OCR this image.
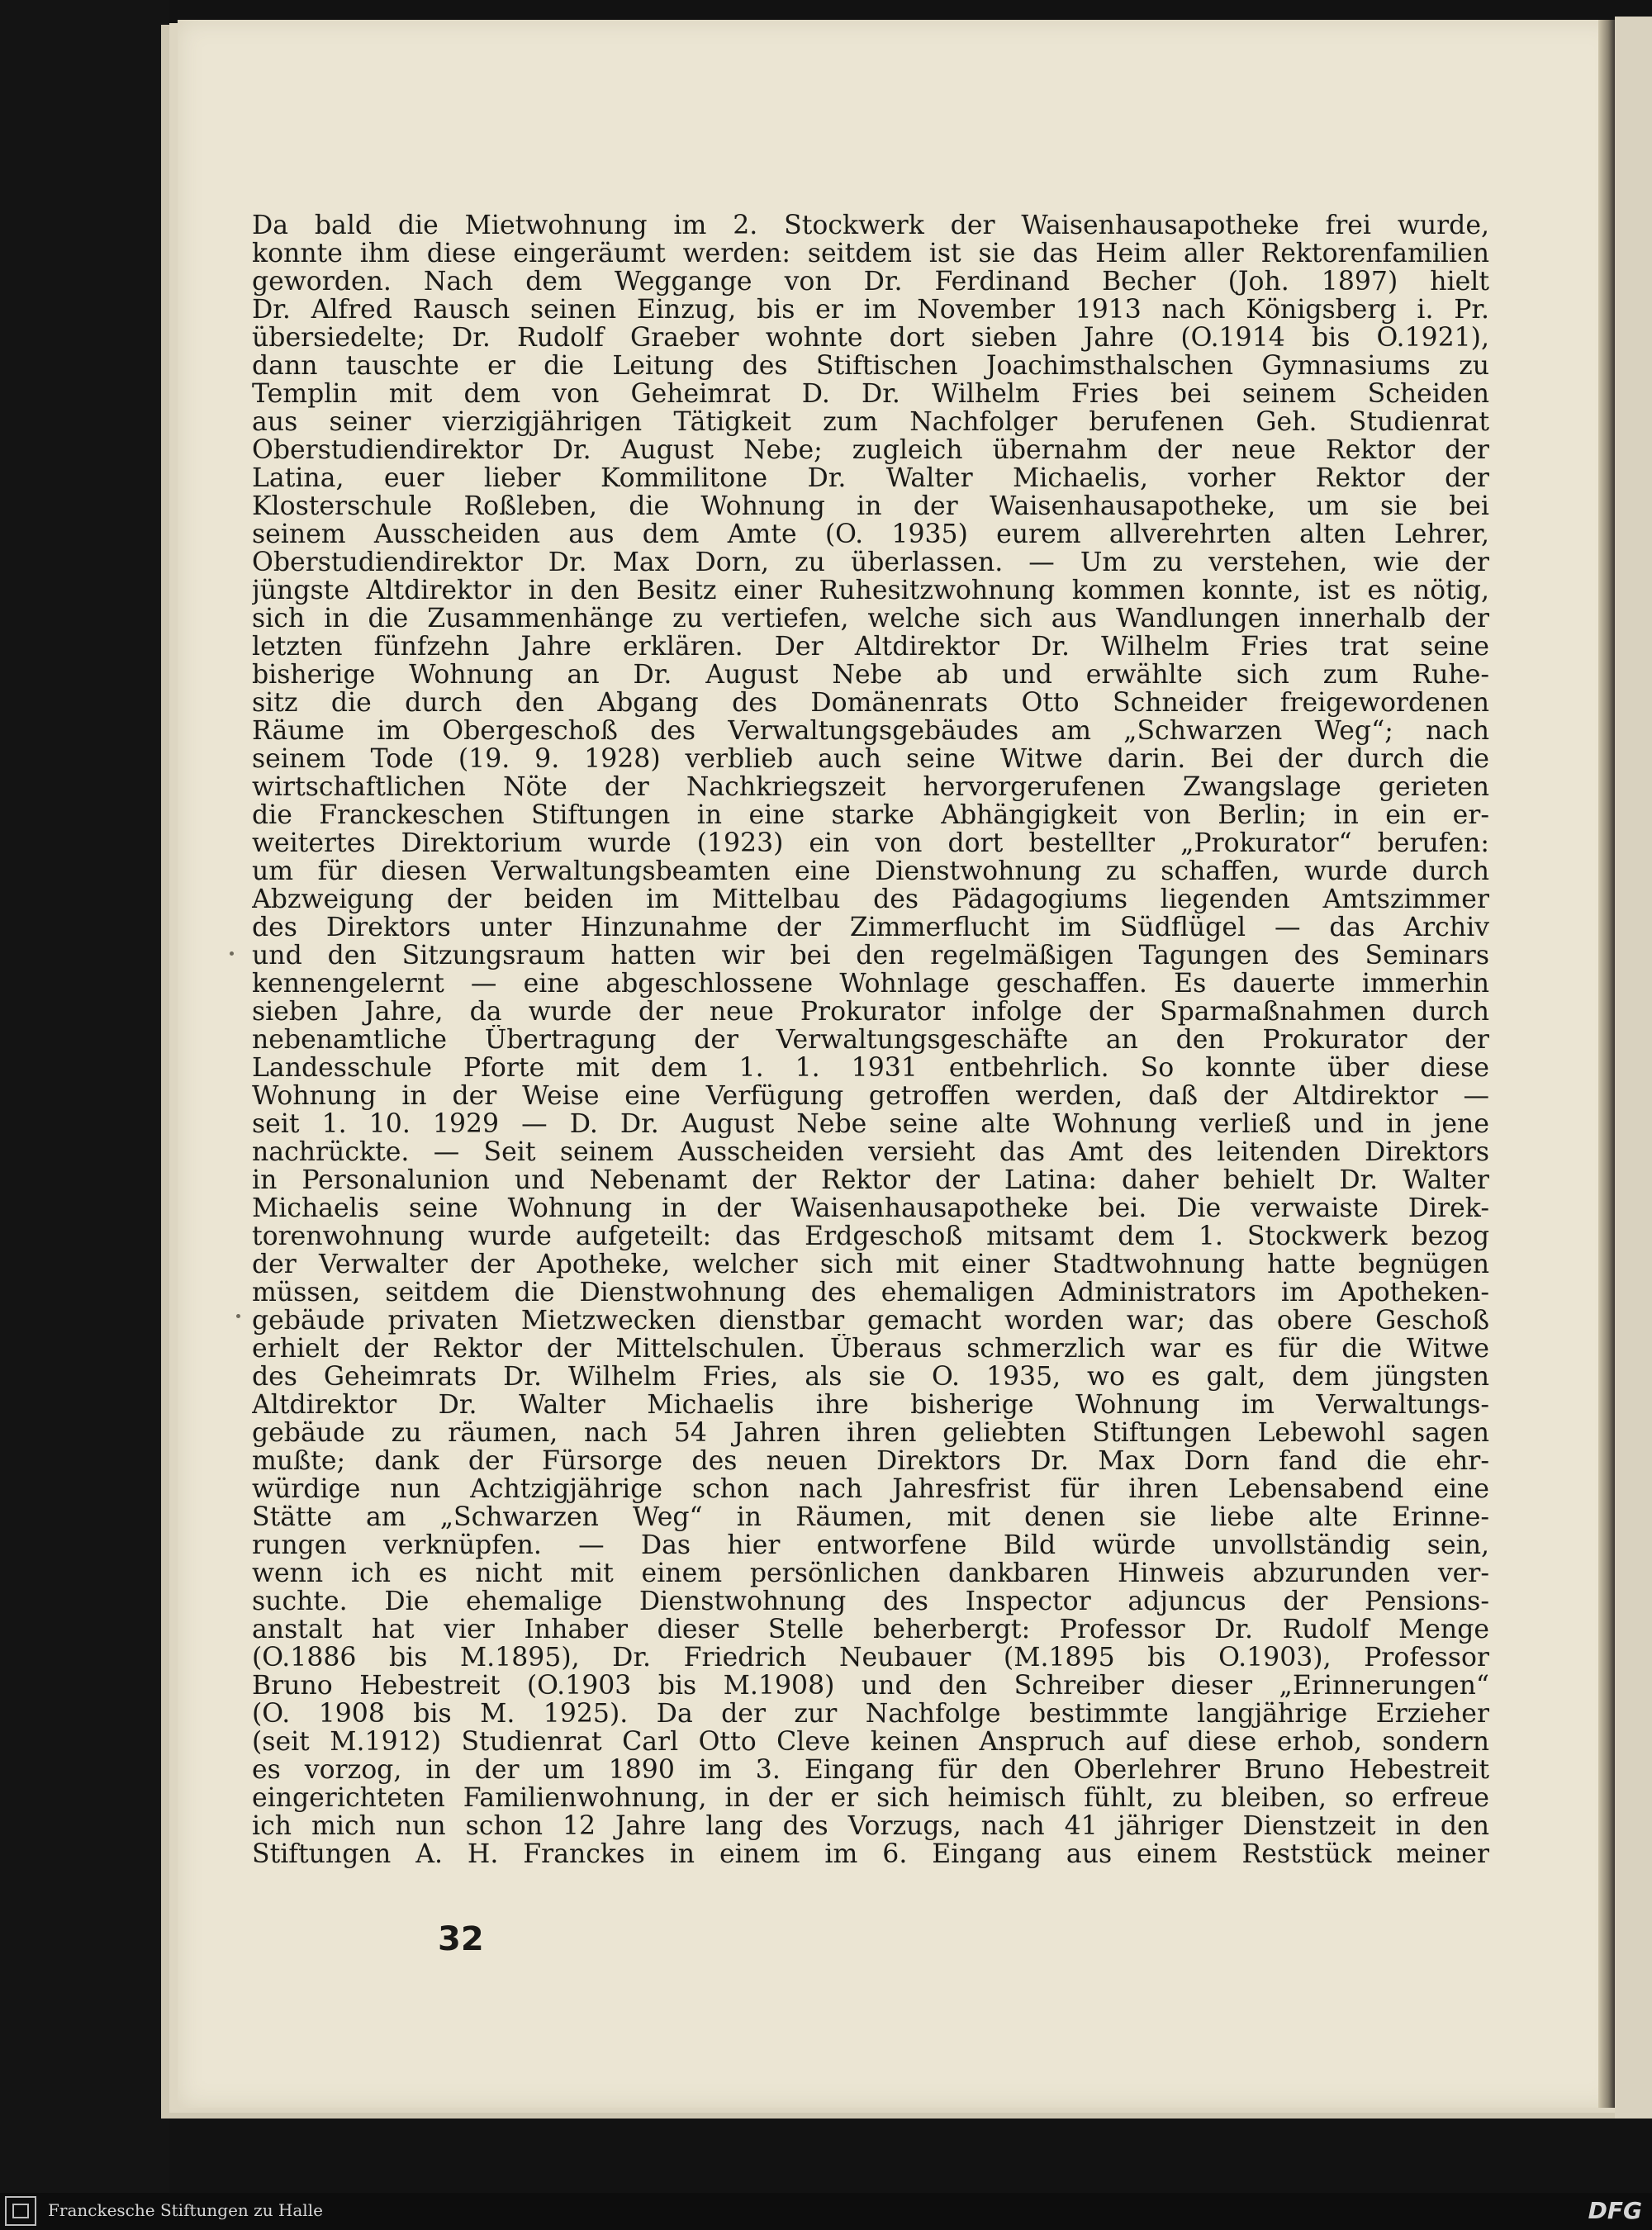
Da bald die Mietwohnung im 2. Stockwerk der Waisenhausapotheke frei wurde,
konnte ihm diese eingeräumt werden: seitdem ist sie das Heim aller Rektorenfamilien
geworden. Nach dem Weggange von Dr. Ferdinand Becher (Joh. 1897) hielt
Dr. Alfred Rausch seinen Einzug, bis er im November 1913 nach Königsberg i. Pr.
übersiedelte; Dr. Rudolf Graeber wohnte dort sieben Jahre (O.1914 bis O.1921),
dann tauschte er die Leitung des Stiftischen Joachimsthalschen Gymnasiums zu
Templin mit dem von Geheimrat D. Dr. Wilhelm Fries bei seinem Scheiden
aus seiner vierzigjährigen Tätigkeit zum Nachfolger berufenen Geh. Studienrat
Oberstudiendirektor Dr. August Nebe; zugleich übernahm der neue Rektor der
Latina, euer lieber Kommilitone Dr. Walter Michaelis, vorher Rektor der
Klosterschule Roßleben, die Wohnung in der Waisenhausapotheke, um sie bei
seinem Ausscheiden aus dem Amte (O. 1935) eurem allverehrten alten Lehrer,
Oberstudiendirektor Dr. Max Dorn, zu überlassen. — Um zu verstehen, wie der
jüngste Altdirektor in den Besitz einer Ruhesitzwohnung kommen konnte, ist es nötig,
sich in die Zusammenhänge zu vertiefen, welche sich aus Wandlungen innerhalb der
letzten fünfzehn Jahre erklären. Der Altdirektor Dr. Wilhelm Fries trat seine
bisherige Wohnung an Dr. August Nebe ab und erwählte sich zum Ruhe-
sitz die durch den Abgang des Domänenrats Otto Schneider freigewordenen
Räume im Obergeschoß des Verwaltungsgebäudes am „Schwarzen Weg“; nach
seinem Tode (19. 9. 1928) verblieb auch seine Witwe darin. Bei der durch die
wirtschaftlichen Nöte der Nachkriegszeit hervorgerufenen Zwangslage gerieten
die Franckeschen Stiftungen in eine starke Abhängigkeit von Berlin; in ein er-
weitertes Direktorium wurde (1923) ein von dort bestellter „Prokurator“ berufen:
um für diesen Verwaltungsbeamten eine Dienstwohnung zu schaffen, wurde durch
Abzweigung der beiden im Mittelbau des Pädagogiums liegenden Amtszimmer
des Direktors unter Hinzunahme der Zimmerflucht im Südflügel — das Archiv
und den Sitzungsraum hatten wir bei den regelmäßigen Tagungen des Seminars
kennengelernt — eine abgeschlossene Wohnlage geschaffen. Es dauerte immerhin
sieben Jahre, da wurde der neue Prokurator infolge der Sparmaßnahmen durch
nebenamtliche Übertragung der Verwaltungsgeschäfte an den Prokurator der
Landesschule Pforte mit dem 1. 1. 1931 entbehrlich. So konnte über diese
Wohnung in der Weise eine Verfügung getroffen werden, daß der Altdirektor —
seit 1. 10. 1929 — D. Dr. August Nebe seine alte Wohnung verließ und in jene
nachrückte. — Seit seinem Ausscheiden versieht das Amt des leitenden Direktors
in Personalunion und Nebenamt der Rektor der Latina: daher behielt Dr. Walter
Michaelis seine Wohnung in der Waisenhausapotheke bei. Die verwaiste Direk-
torenwohnung wurde aufgeteilt: das Erdgeschoß mitsamt dem 1. Stockwerk bezog
der Verwalter der Apotheke, welcher sich mit einer Stadtwohnung hatte begnügen
müssen, seitdem die Dienstwohnung des ehemaligen Administrators im Apotheken-
gebäude privaten Mietzwecken dienstbar gemacht worden war; das obere Geschoß
erhielt der Rektor der Mittelschulen. Überaus schmerzlich war es für die Witwe
des Geheimrats Dr. Wilhelm Fries, als sie O. 1935, wo es galt, dem jüngsten
Altdirektor Dr. Walter Michaelis ihre bisherige Wohnung im Verwaltungs-
gebäude zu räumen, nach 54 Jahren ihren geliebten Stiftungen Lebewohl sagen
mußte; dank der Fürsorge des neuen Direktors Dr. Max Dorn fand die ehr-
würdige nun Achtzigjährige schon nach Jahresfrist für ihren Lebensabend eine
Stätte am „Schwarzen Weg“ in Räumen, mit denen sie liebe alte Erinne-
rungen verknüpfen. — Das hier entworfene Bild würde unvollständig sein,
wenn ich es nicht mit einem persönlichen dankbaren Hinweis abzurunden ver-
suchte. Die ehemalige Dienstwohnung des Inspector adjuncus der Pensions-
anstalt hat vier Inhaber dieser Stelle beherbergt: Professor Dr. Rudolf Menge
(O.1886 bis M.1895), Dr. Friedrich Neubauer (M.1895 bis O.1903), Professor
Bruno Hebestreit (O.1903 bis M.1908) und den Schreiber dieser „Erinnerungen“
(O. 1908 bis M. 1925). Da der zur Nachfolge bestimmte langjährige Erzieher
(seit M.1912) Studienrat Carl Otto Cleve keinen Anspruch auf diese erhob, sondern
es vorzog, in der um 1890 im 3. Eingang für den Oberlehrer Bruno Hebestreit
eingerichteten Familienwohnung, in der er sich heimisch fühlt, zu bleiben, so erfreue
ich mich nun schon 12 Jahre lang des Vorzugs, nach 41 jähriger Dienstzeit in den
Stiftungen A. H. Franckes in einem im 6. Eingang aus einem Reststück meiner
32
Franckesche Stiftungen zu Halle	DFG
